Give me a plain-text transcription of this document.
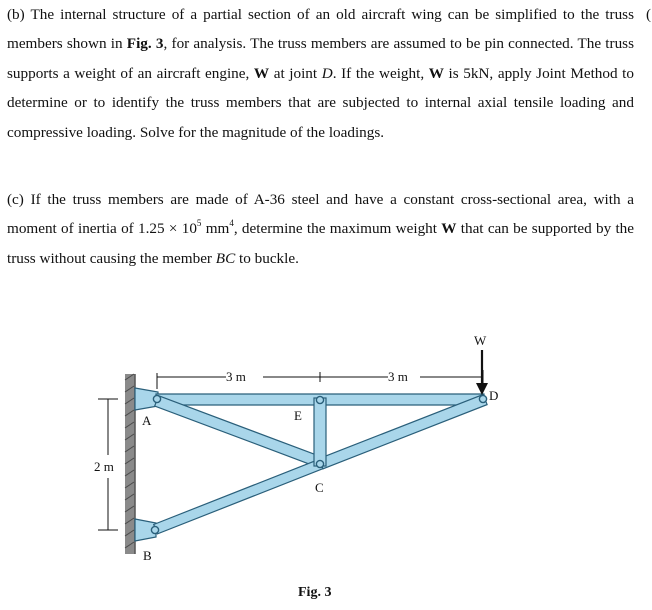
(b) The internal structure of a partial section of an old aircraft wing can be simplified to the truss members shown in Fig. 3, for analysis. The truss members are assumed to be pin connected. The truss supports a weight of an aircraft engine, W at joint D. If the weight, W is 5kN, apply Joint Method to determine or to identify the truss members that are subjected to internal axial tensile loading and compressive loading. Solve for the magnitude of the loadings.

(c) If the truss members are made of A-36 steel and have a constant cross-sectional area, with a moment of inertia of $1.25 \times 10^5$ $mm^4$, determine the maximum weight W that can be supported by the truss without causing the member BC to buckle.

(
3 m	3 m
2 m
W
A
B
C
D
E
Fig. 3
